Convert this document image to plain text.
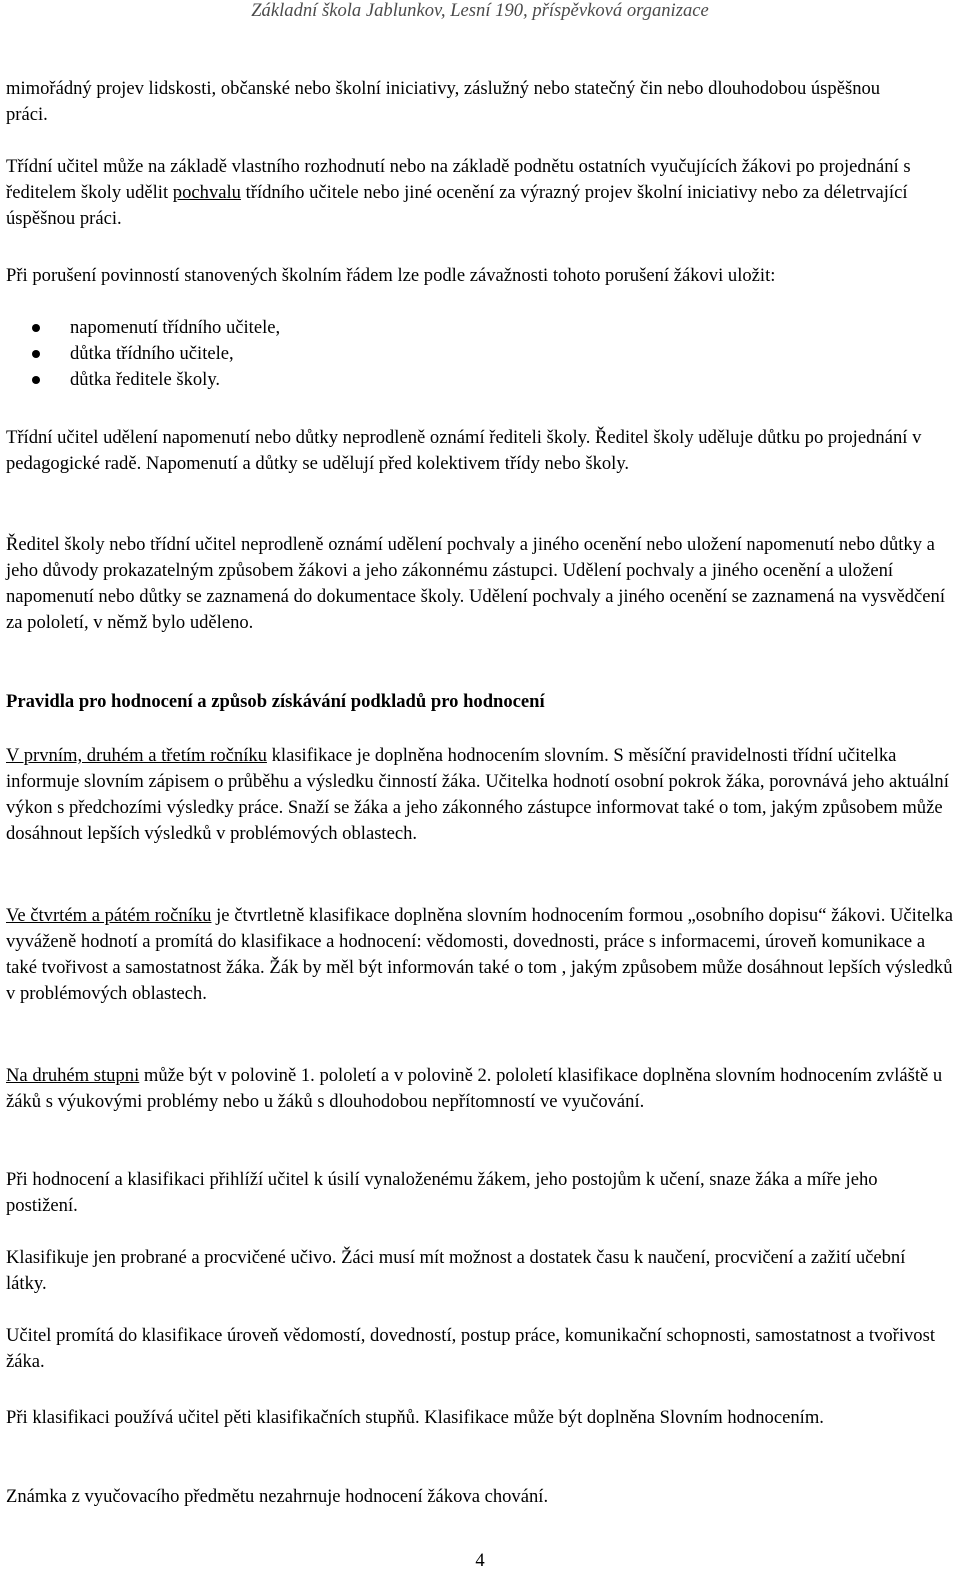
Základní škola Jablunkov, Lesní 190, příspěvková organizace

mimořádný projev lidskosti, občanské nebo školní iniciativy, záslužný nebo statečný čin nebo dlouhodobou úspěšnou práci.

Třídní učitel může na základě vlastního rozhodnutí nebo na základě podnětu ostatních vyučujících žákovi po projednání s ředitelem školy udělit pochvalu třídního učitele nebo jiné ocenění za výrazný projev školní iniciativy nebo za déletrvající úspěšnou práci.

Při porušení povinností stanovených školním řádem lze podle závažnosti tohoto porušení žákovi uložit:

napomenutí třídního učitele,
důtka třídního učitele,
důtka ředitele školy.

Třídní učitel udělení napomenutí nebo důtky neprodleně oznámí řediteli školy. Ředitel školy uděluje důtku po projednání v pedagogické radě. Napomenutí a důtky se udělují před kolektivem třídy nebo školy.

Ředitel školy nebo třídní učitel neprodleně oznámí udělení pochvaly a jiného ocenění nebo uložení napomenutí nebo důtky a jeho důvody prokazatelným způsobem žákovi a jeho zákonnému zástupci. Udělení pochvaly a jiného ocenění a uložení napomenutí nebo důtky se zaznamená do dokumentace školy. Udělení pochvaly a jiného ocenění se zaznamená na vysvědčení za pololetí, v němž bylo uděleno.

Pravidla pro hodnocení a způsob získávání podkladů pro hodnocení

V prvním, druhém a třetím ročníku klasifikace je doplněna hodnocením slovním. S měsíční pravidelnosti třídní učitelka informuje slovním zápisem o průběhu a výsledku činností žáka. Učitelka hodnotí osobní pokrok žáka, porovnává jeho aktuální výkon s předchozími výsledky práce. Snaží se žáka a jeho zákonného zástupce informovat také o tom, jakým způsobem může dosáhnout lepších výsledků v problémových oblastech.

Ve čtvrtém a pátém ročníku je čtvrtletně klasifikace doplněna slovním hodnocením formou „osobního dopisu“ žákovi. Učitelka vyváženě hodnotí a promítá do klasifikace a hodnocení: vědomosti, dovednosti, práce s informacemi, úroveň komunikace a také tvořivost a samostatnost žáka. Žák by měl být informován také o tom , jakým způsobem může dosáhnout lepších výsledků v problémových oblastech.

Na druhém stupni může být v polovině 1. pololetí a v polovině 2. pololetí klasifikace doplněna slovním hodnocením zvláště u žáků s výukovými problémy nebo u žáků s dlouhodobou nepřítomností ve vyučování.

Při hodnocení a klasifikaci přihlíží učitel k úsilí vynaloženému žákem, jeho postojům k učení, snaze žáka a míře jeho postižení.

Klasifikuje jen probrané a procvičené učivo. Žáci musí mít možnost a dostatek času k naučení, procvičení a zažití učební látky.

Učitel promítá do klasifikace úroveň vědomostí, dovedností, postup práce, komunikační schopnosti, samostatnost a tvořivost žáka.

Při klasifikaci používá učitel pěti klasifikačních stupňů. Klasifikace může být doplněna Slovním hodnocením.

Známka z vyučovacího předmětu nezahrnuje hodnocení žákova chování.

4
